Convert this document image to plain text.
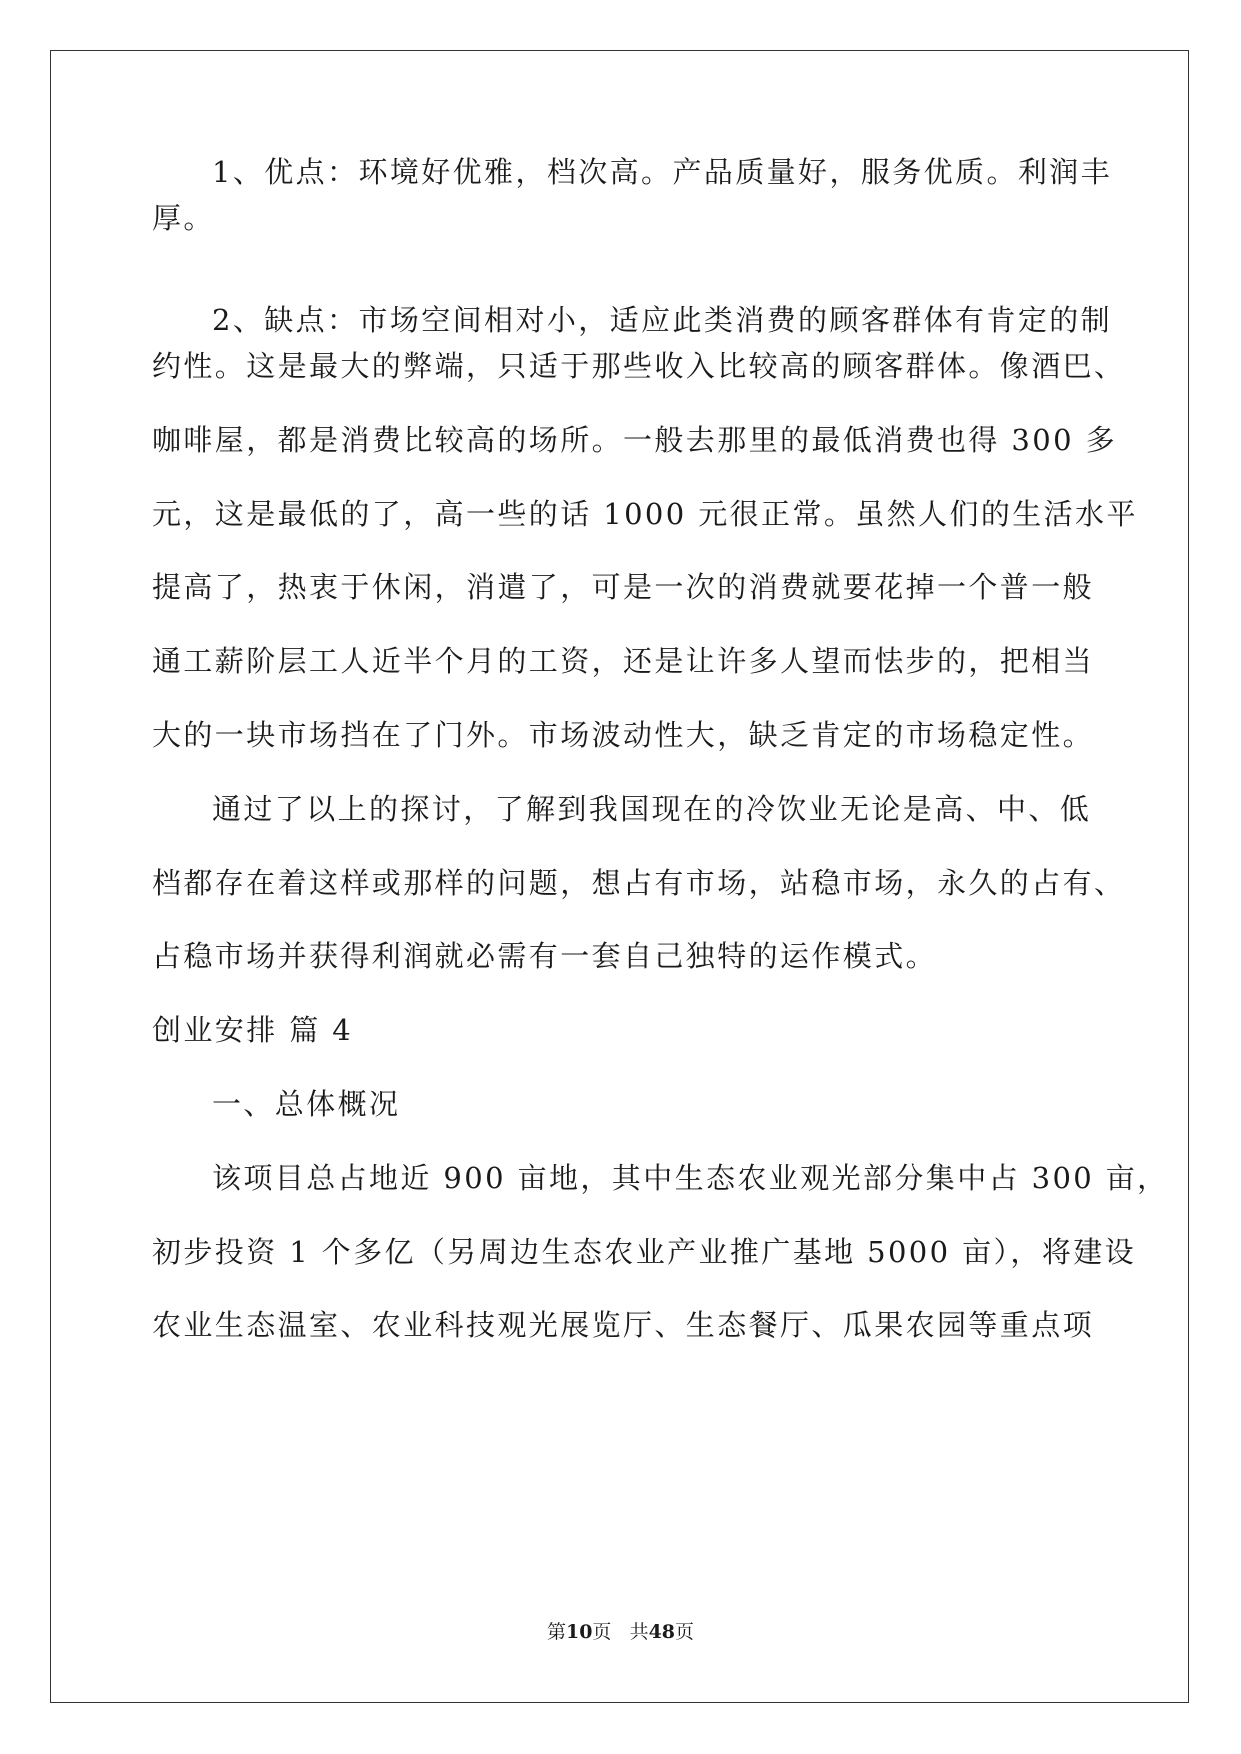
1、优点：环境好优雅，档次高。产品质量好，服务优质。利润丰
厚。
2、缺点：市场空间相对小，适应此类消费的顾客群体有肯定的制
约性。这是最大的弊端，只适于那些收入比较高的顾客群体。像酒巴、
咖啡屋，都是消费比较高的场所。一般去那里的最低消费也得 300 多
元，这是最低的了，高一些的话 1000 元很正常。虽然人们的生活水平
提高了，热衷于休闲，消遣了，可是一次的消费就要花掉一个普一般
通工薪阶层工人近半个月的工资，还是让许多人望而怯步的，把相当
大的一块市场挡在了门外。市场波动性大，缺乏肯定的市场稳定性。
通过了以上的探讨，了解到我国现在的冷饮业无论是高、中、低
档都存在着这样或那样的问题，想占有市场，站稳市场，永久的占有、
占稳市场并获得利润就必需有一套自己独特的运作模式。
创业安排 篇 4
一、总体概况
该项目总占地近 900 亩地，其中生态农业观光部分集中占 300 亩，
初步投资 1 个多亿（另周边生态农业产业推广基地 5000 亩），将建设
农业生态温室、农业科技观光展览厅、生态餐厅、瓜果农园等重点项
第10页 共48页
